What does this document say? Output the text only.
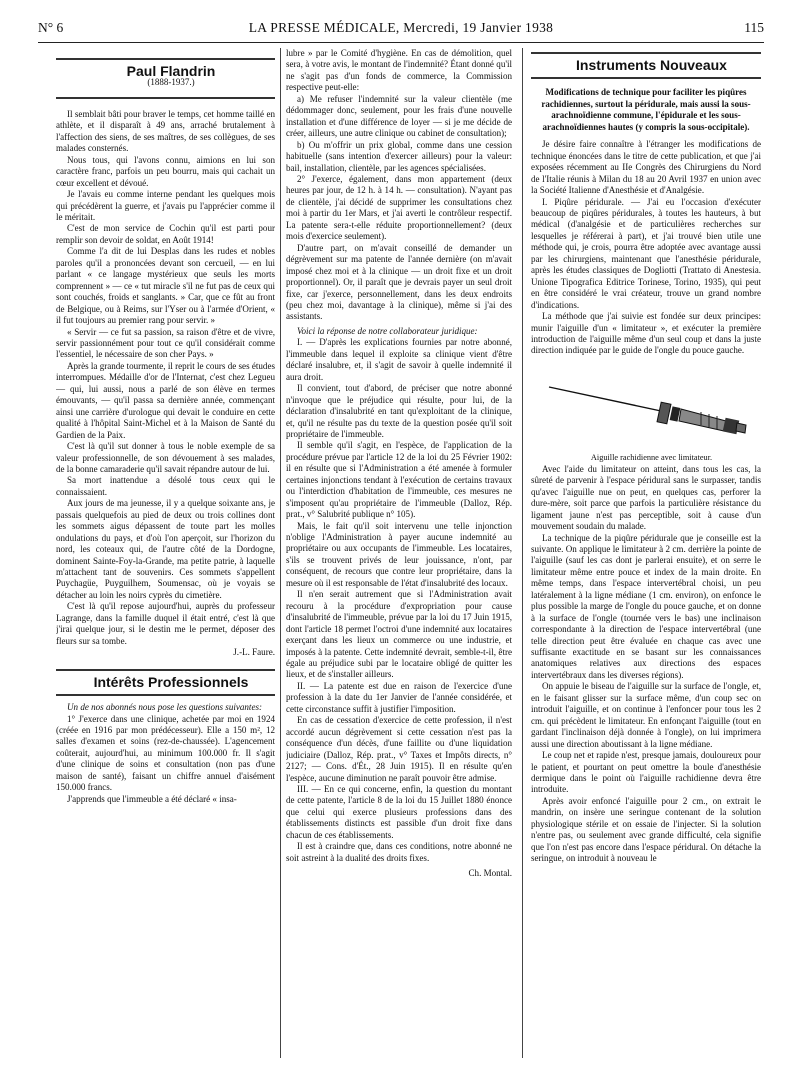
N° 6	LA PRESSE MÉDICALE, Mercredi, 19 Janvier 1938	115

Paul Flandrin

(1888-1937.)

Il semblait bâti pour braver le temps, cet homme taillé en athlète, et il disparaît à 49 ans, arraché brutalement à l'affection des siens, de ses maîtres, de ses collègues, de ses malades consternés.

Nous tous, qui l'avons connu, aimions en lui son caractère franc, parfois un peu bourru, mais qui cachait un cœur excellent et dévoué.

Je l'avais eu comme interne pendant les quelques mois qui précédèrent la guerre, et j'avais pu l'apprécier comme il le méritait.

C'est de mon service de Cochin qu'il est parti pour remplir son devoir de soldat, en Août 1914!

Comme l'a dit de lui Desplas dans les rudes et nobles paroles qu'il a prononcées devant son cercueil, — en lui parlant « ce langage mystérieux que seuls les morts comprennent » — ce « tut miracle s'il ne fut pas de ceux qui sont couchés, froids et sanglants. » Car, que ce fût au front de Belgique, ou à Reims, sur l'Yser ou à l'armée d'Orient, « il fut toujours au premier rang pour servir. »

« Servir — ce fut sa passion, sa raison d'être et de vivre, servir passionnément pour tout ce qu'il considérait comme l'essentiel, le nécessaire de son cher Pays. »

Après la grande tourmente, il reprit le cours de ses études interrompues. Médaille d'or de l'Internat, c'est chez Legueu — qui, lui aussi, nous a parlé de son élève en termes émouvants, — qu'il passa sa dernière année, commençant ainsi une carrière d'urologue qui devait le conduire en cette qualité à l'hôpital Saint-Michel et à la Maison de Santé du Gardien de la Paix.

C'est là qu'il sut donner à tous le noble exemple de sa valeur professionnelle, de son dévouement à ses malades, de la bonne camaraderie qu'il savait répandre autour de lui.

Sa mort inattendue a désolé tous ceux qui le connaissaient.

Aux jours de ma jeunesse, il y a quelque soixante ans, je passais quelquefois au pied de deux ou trois collines dont les sommets aigus dépassent de toute part les molles ondulations du pays, et d'où l'on aperçoit, sur l'horizon du nord, les coteaux qui, de l'autre côté de la Dordogne, dominent Sainte-Foy-la-Grande, ma petite patrie, à laquelle m'attachent tant de souvenirs. Ces sommets s'appellent Puychagüe, Puyguilhem, Soumensac, où je voyais se détacher au loin les noirs cyprès du cimetière.

C'est là qu'il repose aujourd'hui, auprès du professeur Lagrange, dans la famille duquel il était entré, c'est là que j'irai quelque jour, si le destin me le permet, déposer des fleurs sur sa tombe.

J.-L. Faure.

Intérêts Professionnels

Un de nos abonnés nous pose les questions suivantes:

1° J'exerce dans une clinique, achetée par moi en 1924 (créée en 1916 par mon prédécesseur). Elle a 150 m², 12 salles d'examen et soins (rez-de-chaussée). L'agencement coûterait, aujourd'hui, au minimum 100.000 fr. Il s'agit d'une clinique de soins et consultation (non pas d'une maison de santé), faisant un chiffre annuel d'aisément 150.000 francs.

J'apprends que l'immeuble a été déclaré « insa-

lubre » par le Comité d'hygiène. En cas de démolition, quel sera, à votre avis, le montant de l'indemnité? Étant donné qu'il ne s'agit pas d'un fonds de commerce, la Commission respective peut-elle:

a) Me refuser l'indemnité sur la valeur clientèle (me dédommager donc, seulement, pour les frais d'une nouvelle installation et d'une différence de loyer — si je me décide de créer, ailleurs, une autre clinique ou cabinet de consultation);

b) Ou m'offrir un prix global, comme dans une cession habituelle (sans intention d'exercer ailleurs) pour la valeur: bail, installation, clientèle, par les agences spécialisées.

2° J'exerce, également, dans mon appartement (deux heures par jour, de 12 h. à 14 h. — consultation). N'ayant pas de clientèle, j'ai décidé de supprimer les consultations chez moi à partir du 1er Mars, et j'ai averti le contrôleur respectif. La patente sera-t-elle réduite proportionnellement? (deux mois d'exercice seulement).

D'autre part, on m'avait conseillé de demander un dégrèvement sur ma patente de l'année dernière (on m'avait imposé chez moi et à la clinique — un droit fixe et un droit proportionnel). Or, il paraît que je devrais payer un seul droit fixe, car j'exerce, personnellement, dans les deux endroits (peu chez moi, davantage à la clinique), même si j'ai des assistants.

Voici la réponse de notre collaborateur juridique:

I. — D'après les explications fournies par notre abonné, l'immeuble dans lequel il exploite sa clinique vient d'être déclaré insalubre, et, il s'agit de savoir à quelle indemnité il aura droit.

Il convient, tout d'abord, de préciser que notre abonné n'invoque que le préjudice qui résulte, pour lui, de la déclaration d'insalubrité en tant qu'exploitant de la clinique, et, qu'il ne résulte pas du texte de la question posée qu'il soit propriétaire de l'immeuble.

Il semble qu'il s'agit, en l'espèce, de l'application de la procédure prévue par l'article 12 de la loi du 25 Février 1902: il en résulte que si l'Administration a été amenée à formuler certaines injonctions tendant à l'exécution de certains travaux ou l'interdiction d'habitation de l'immeuble, ces mesures ne s'imposent qu'au propriétaire de l'immeuble (Dalloz, Rép. prat., v° Salubrité publique n° 105).

Mais, le fait qu'il soit intervenu une telle injonction n'oblige l'Administration à payer aucune indemnité au propriétaire ou aux occupants de l'immeuble. Les locataires, s'ils se trouvent privés de leur jouissance, n'ont, par conséquent, de recours que contre leur propriétaire, dans la mesure où il est responsable de l'état d'insalubrité des locaux.

Il n'en serait autrement que si l'Administration avait recouru à la procédure d'expropriation pour cause d'insalubrité de l'immeuble, prévue par la loi du 17 Juin 1915, dont l'article 18 permet l'octroi d'une indemnité aux locataires exerçant dans les lieux un commerce ou une industrie, et imposés à la patente. Cette indemnité devrait, semble-t-il, être égale au préjudice subi par le locataire obligé de quitter les lieux, et de s'installer ailleurs.

II. — La patente est due en raison de l'exercice d'une profession à la date du 1er Janvier de l'année considérée, et cette circonstance suffit à justifier l'imposition.

En cas de cessation d'exercice de cette profession, il n'est accordé aucun dégrèvement si cette cessation n'est pas la conséquence d'un décès, d'une faillite ou d'une liquidation judiciaire (Dalloz, Rép. prat., v° Taxes et Impôts directs, n° 2127; — Cons. d'Ét., 28 Juin 1915). Il en résulte qu'en l'espèce, aucune diminution ne paraît pouvoir être admise.

III. — En ce qui concerne, enfin, la question du montant de cette patente, l'article 8 de la loi du 15 Juillet 1880 énonce que celui qui exerce plusieurs professions dans des établissements distincts est passible d'un droit fixe dans chacun de ces établissements.

Il est à craindre que, dans ces conditions, notre abonné ne soit astreint à la dualité des droits fixes.

Ch. Montal.

Instruments Nouveaux

Modifications de technique pour faciliter les piqûres rachidiennes, surtout la péridurale, mais aussi la sous-arachnoïdienne commune, l'épidurale et les sous-arachnoïdiennes hautes (y compris la sous-occipitale).

Je désire faire connaître à l'étranger les modifications de technique énoncées dans le titre de cette publication, et que j'ai exposées récemment au IIe Congrès des Chirurgiens du Nord de l'Italie réunis à Milan du 18 au 20 Avril 1937 en union avec la Société Italienne d'Anesthésie et d'Analgésie.

I. Piqûre péridurale. — J'ai eu l'occasion d'exécuter beaucoup de piqûres péridurales, à toutes les hauteurs, à but médical (d'analgésie et de particulières recherches sur lesquelles je référerai à part), et j'ai trouvé bien utile une méthode qui, je crois, pourra être adoptée avec avantage aussi par les chirurgiens, maintenant que l'anesthésie péridurale, après les études classiques de Dogliotti (Trattato di Anestesia. Unione Tipografica Editrice Torinese, Torino, 1935), qui peut en être considéré le vrai créateur, trouve un grand nombre d'indications.

La méthode que j'ai suivie est fondée sur deux principes: munir l'aiguille d'un « limitateur », et exécuter la première introduction de l'aiguille même d'un seul coup et dans la juste direction indiquée par le guide de l'ongle du pouce gauche.

Aiguille rachidienne avec limitateur.

Avec l'aide du limitateur on atteint, dans tous les cas, la sûreté de parvenir à l'espace péridural sans le surpasser, tandis qu'avec l'aiguille nue on peut, en quelques cas, perforer la dure-mère, soit parce que parfois la particulière résistance du ligament jaune n'est pas perceptible, soit à cause d'un mouvement soudain du malade.

La technique de la piqûre péridurale que je conseille est la suivante. On applique le limitateur à 2 cm. derrière la pointe de l'aiguille (sauf les cas dont je parlerai ensuite), et on serre le limitateur même entre pouce et index de la main droite. En même temps, dans l'espace intervertébral choisi, un peu latéralement à la ligne médiane (1 cm. environ), on enfonce le plus possible la marge de l'ongle du pouce gauche, et on donne à la surface de l'ongle (tournée vers le bas) une inclinaison correspondante à la direction de l'espace intervertébral (une telle direction peut être évaluée en chaque cas avec une suffisante exactitude en se basant sur les connaissances anatomiques relatives aux directions des espaces intervertébraux dans les diverses régions).

On appuie le biseau de l'aiguille sur la surface de l'ongle, et, en le faisant glisser sur la surface même, d'un coup sec on introduit l'aiguille, et on continue à l'enfoncer pour tous les 2 cm. qui précèdent le limitateur. En enfonçant l'aiguille (tout en gardant l'inclinaison déjà donnée à l'ongle), on lui imprimera aussi une direction aboutissant à la ligne médiane.

Le coup net et rapide n'est, presque jamais, douloureux pour le patient, et pourtant on peut omettre la boule d'anesthésie dermique dans le point où l'aiguille rachidienne devra être introduite.

Après avoir enfoncé l'aiguille pour 2 cm., on extrait le mandrin, on insère une seringue contenant de la solution physiologique stérile et on essaie de l'injecter. Si la solution n'entre pas, ou seulement avec grande difficulté, cela signifie que l'on n'est pas encore dans l'espace péridural. On détache la seringue, on introduit à nouveau le
